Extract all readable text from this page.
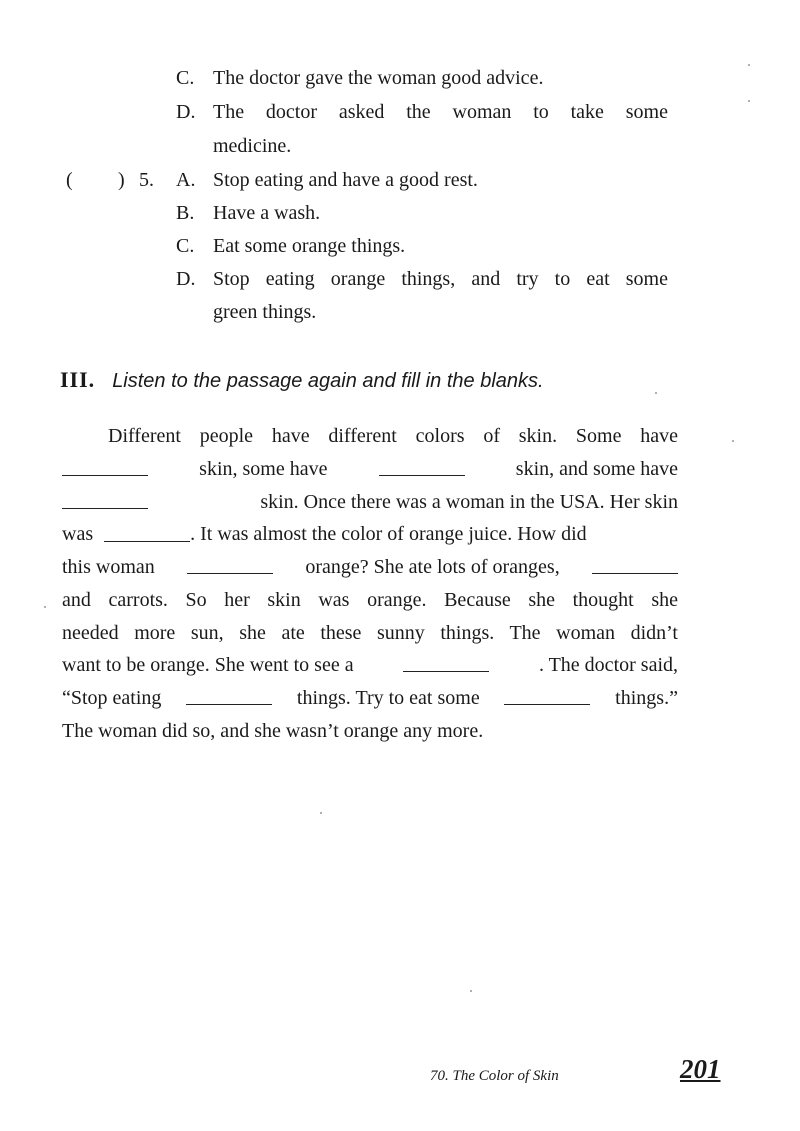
C. The doctor gave the woman good advice.
D. The doctor asked the woman to take some
medicine.
( ) 5. A. Stop eating and have a good rest.
B. Have a wash.
C. Eat some orange things.
D. Stop eating orange things, and try to eat some
green things.
III. Listen to the passage again and fill in the blanks.
Different people have different colors of skin. Some have
skin, some have	skin, and some have
skin. Once there was a woman in the USA. Her skin
was	. It was almost the color of orange juice. How did
this woman	orange? She ate lots of oranges,
and carrots. So her skin was orange. Because she thought she
needed more sun, she ate these sunny things. The woman didn’t
want to be orange. She went to see a	. The doctor said,
“Stop eating	things. Try to eat some	things.”
The woman did so, and she wasn’t orange any more.
70. The Color of Skin	201
